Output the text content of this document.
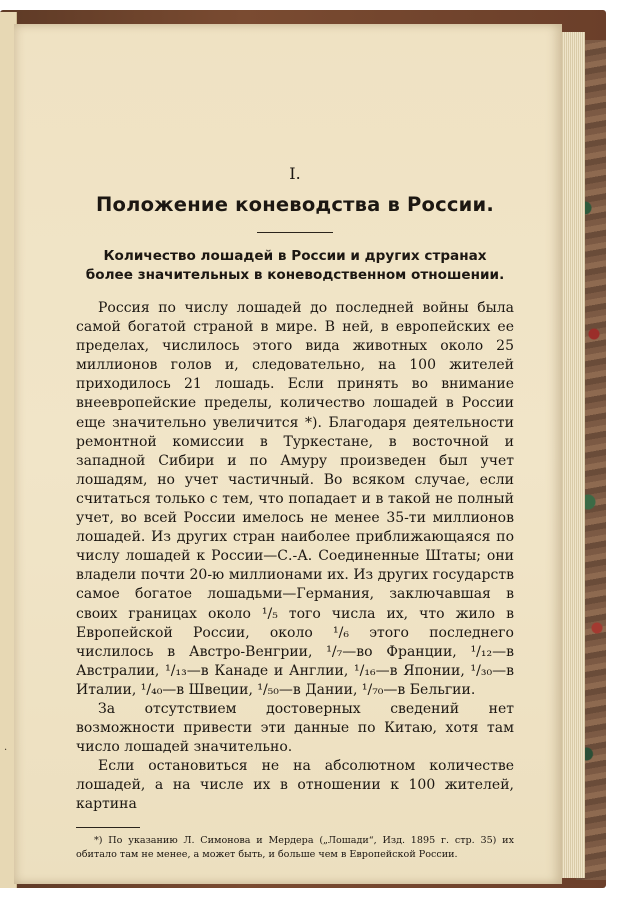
.
I.
Положение коневодства в России.
Количество лошадей в России и других странах
более значительных в коневодственном отношении.

Россия по числу лошадей до последней войны была самой богатой страной в мире. В ней, в европейских ее пределах, числилось этого вида животных около 25 миллионов голов и, следовательно, на 100 жителей приходилось 21 лошадь. Если принять во внимание внеевропейские пределы, количество лошадей в России еще значительно увеличится *). Благодаря деятельности ремонтной комиссии в Туркестане, в восточной и западной Сибири и по Амуру произведен был учет лошадям, но учет частичный. Во всяком случае, если считаться только с тем, что попадает и в такой не полный учет, во всей России имелось не менее 35-ти миллионов лошадей. Из других стран наиболее приближающаяся по числу лошадей к России—С.-А. Соединенные Штаты; они владели почти 20-ю миллионами их. Из других государств самое богатое лошадьми—Германия, заключавшая в своих границах около ¹/₅ того числа их, что жило в Европейской России, около ¹/₆ этого последнего числилось в Австро-Венгрии, ¹/₇—во Франции, ¹/₁₂—в Австралии, ¹/₁₃—в Канаде и Англии, ¹/₁₆—в Японии, ¹/₃₀—в Италии, ¹/₄₀—в Швеции, ¹/₅₀—в Дании, ¹/₇₀—в Бельгии.

За отсутствием достоверных сведений нет возможности привести эти данные по Китаю, хотя там число лошадей значительно.

Если остановиться не на абсолютном количестве лошадей, а на числе их в отношении к 100 жителей, картина

*) По указанию Л. Симонова и Мердера („Лошади“, Изд. 1895 г. стр. 35) их обитало там не менее, а может быть, и больше чем в Европейской России.
